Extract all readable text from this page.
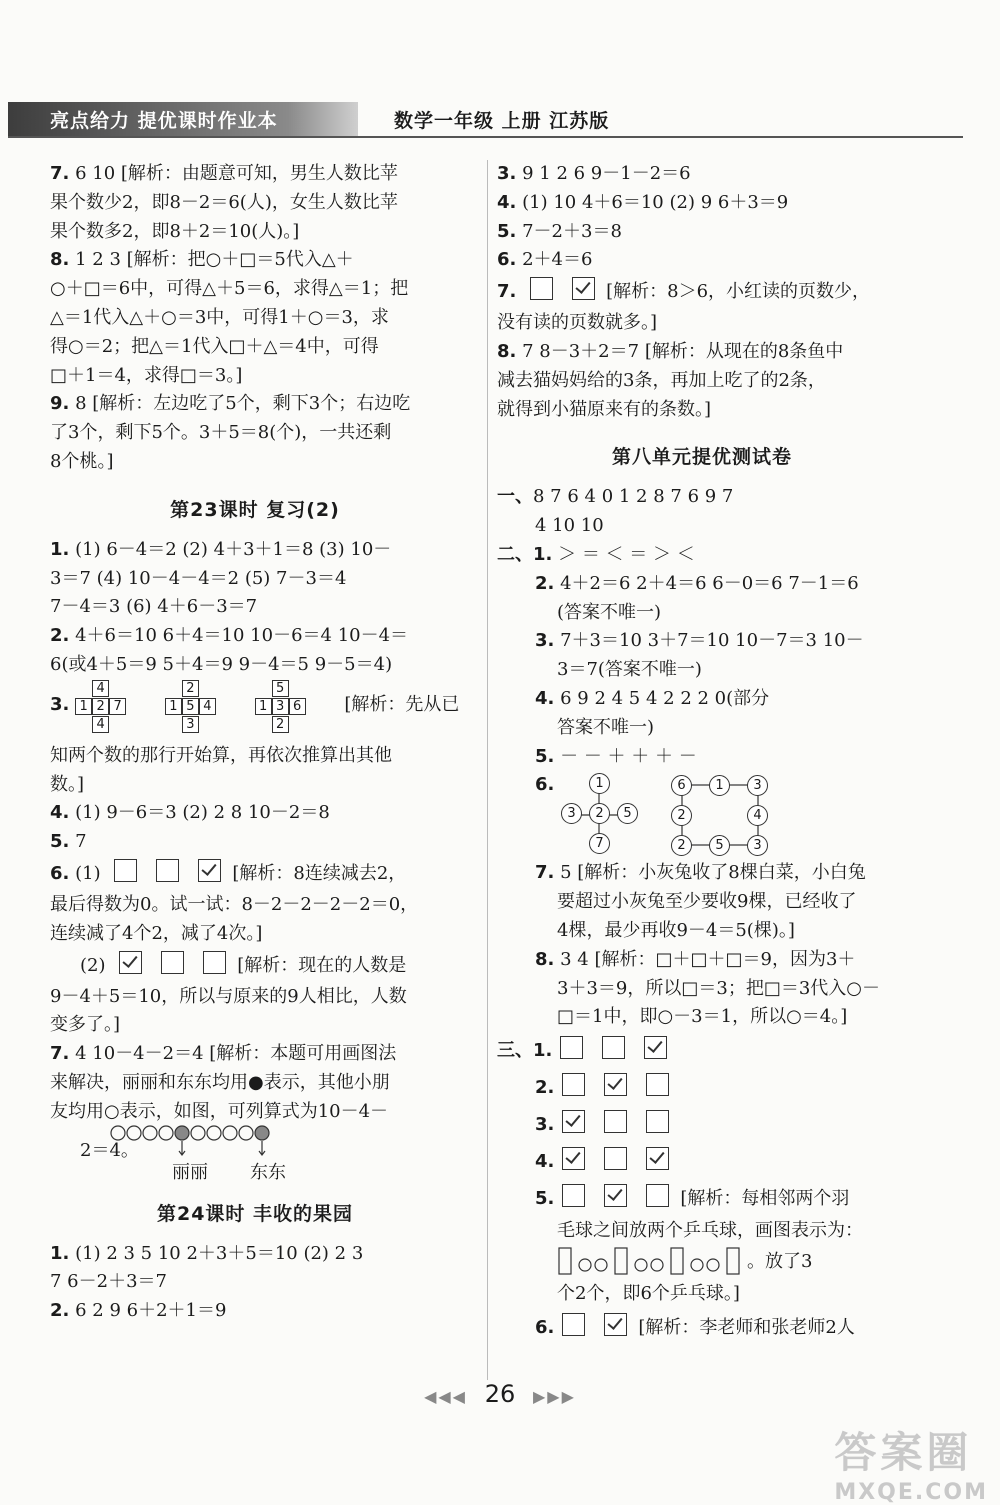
亮点给力 提优课时作业本	数学一年级 上册 江苏版

7. 6 10 [解析：由题意可知，男生人数比苹

果个数少2，即8－2＝6(人)，女生人数比苹

果个数多2，即8＋2＝10(人)。]

8. 1 2 3 [解析：把○＋□＝5代入△＋

○＋□＝6中，可得△＋5＝6，求得△＝1；把

△＝1代入△＋○＝3中，可得1＋○＝3，求

得○＝2；把△＝1代入□＋△＝4中，可得

□＋1＝4，求得□＝3。]

9. 8 [解析：左边吃了5个，剩下3个；右边吃

了3个，剩下5个。3＋5＝8(个)，一共还剩

8个桃。]

第23课时 复习(2)

1. (1) 6－4＝2 (2) 4＋3＋1＝8 (3) 10－

3＝7 (4) 10－4－4＝2 (5) 7－3＝4

7－4＝3 (6) 4＋6－3＝7

2. 4＋6＝10 6＋4＝10 10－6＝4 10－4＝

6(或4＋5＝9 5＋4＝9 9－4＝5 9－5＝4)

3.
4
1 2 7
4

2
1 5 4
3

5
1 3 6
2
[解析：先从已

知两个数的那行开始算，再依次推算出其他

数。]

4. (1) 9－6＝3 (2) 2 8 10－2＝8

5. 7

6. (1)	[解析：8连续减去2，

最后得数为0。试一试：8－2－2－2－2＝0，

连续减了4个2，减了4次。]

(2)	[解析：现在的人数是

9－4＋5＝10，所以与原来的9人相比，人数

变多了。]

7. 4 10－4－2＝4 [解析：本题可用画图法

来解决，丽丽和东东均用●表示，其他小朋

友均用○表示，如图，可列算式为10－4－

2＝4。
丽丽 东东
第24课时 丰收的果园

1. (1) 2 3 5 10 2＋3＋5＝10 (2) 2 3

7 6－2＋3＝7

2. 6 2 9 6＋2＋1＝9

3. 9 1 2 6 9－1－2＝6

4. (1) 10 4＋6＝10 (2) 9 6＋3＝9

5. 7－2＋3＝8

6. 2＋4＝6

7.	[解析：8＞6，小红读的页数少，

没有读的页数就多。]

8. 7 8－3＋2＝7 [解析：从现在的8条鱼中

减去猫妈妈给的3条，再加上吃了的2条，

就得到小猫原来有的条数。]

第八单元提优测试卷

一、8 7 6 4 0 1 2 8 7 6 9 7

4 10 10

二、1. ＞ ＝ ＜ ＝ ＞ ＜

2. 4＋2＝6 2＋4＝6 6－0＝6 7－1＝6

(答案不唯一)

3. 7＋3＝10 3＋7＝10 10－7＝3 10－

3＝7(答案不唯一)

4. 6 9 2 4 5 4 2 2 2 0(部分

答案不唯一)

5. － － ＋ ＋ ＋ －

6.	1
3	2	5
7
6	1	3
2	4
2	5	3

7. 5 [解析：小灰兔收了8棵白菜，小白兔

要超过小灰兔至少要收9棵，已经收了

4棵，最少再收9－4＝5(棵)。]

8. 3 4 [解析：□＋□＋□＝9，因为3＋

3＋3＝9，所以□＝3；把□＝3代入○－

□＝1中，即○－3＝1，所以○＝4。]

三、1.

2.

3.

4.

5.	[解析：每相邻两个羽

毛球之间放两个乒乓球，画图表示为：

。放了3

个2个，即6个乒乓球。]

6.	[解析：李老师和张老师2人

◀◀◀ 26 ▶▶▶
答案圈
MXQE.COM
